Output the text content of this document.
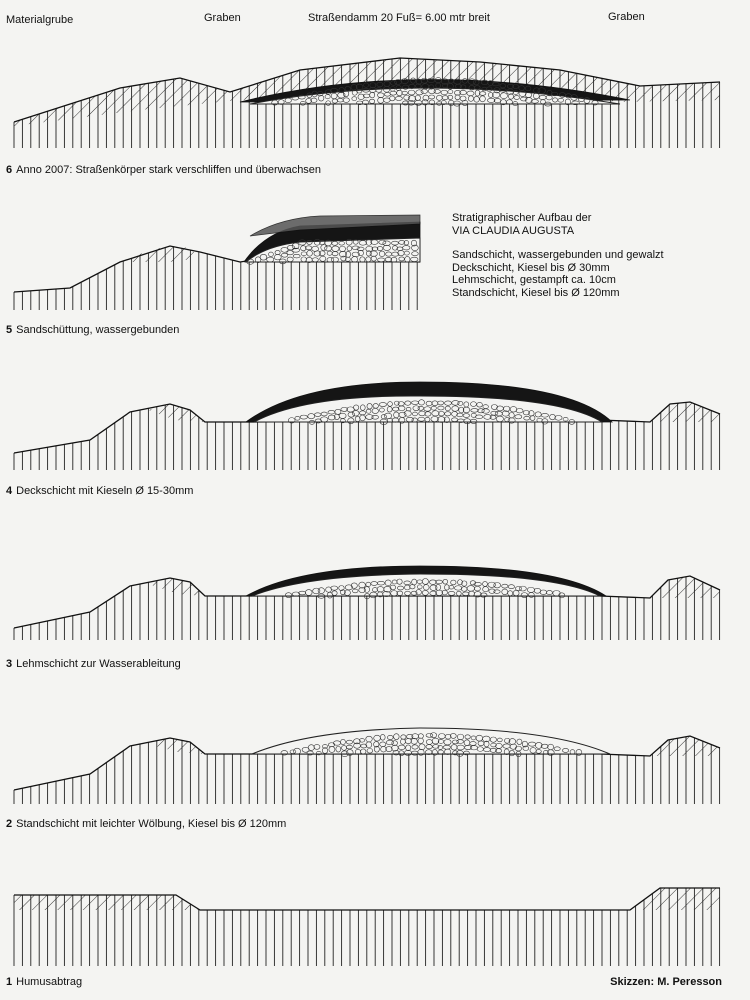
Materialgrube	Graben	Straßendamm 20 Fuß= 6.00 mtr breit	Graben
6 Anno 2007: Straßenkörper stark verschliffen und überwachsen
5 Sandschüttung, wassergebunden
4 Deckschicht mit Kieseln Ø 15-30mm
3 Lehmschicht zur Wasserableitung
2 Standschicht mit leichter Wölbung, Kiesel bis Ø 120mm
1 Humusabtrag
Stratigraphischer Aufbau der
VIA CLAUDIA AUGUSTA
Sandschicht, wassergebunden und gewalzt
Deckschicht, Kiesel bis Ø 30mm
Lehmschicht, gestampft ca. 10cm
Standschicht, Kiesel bis Ø 120mm
Skizzen: M. Peresson
